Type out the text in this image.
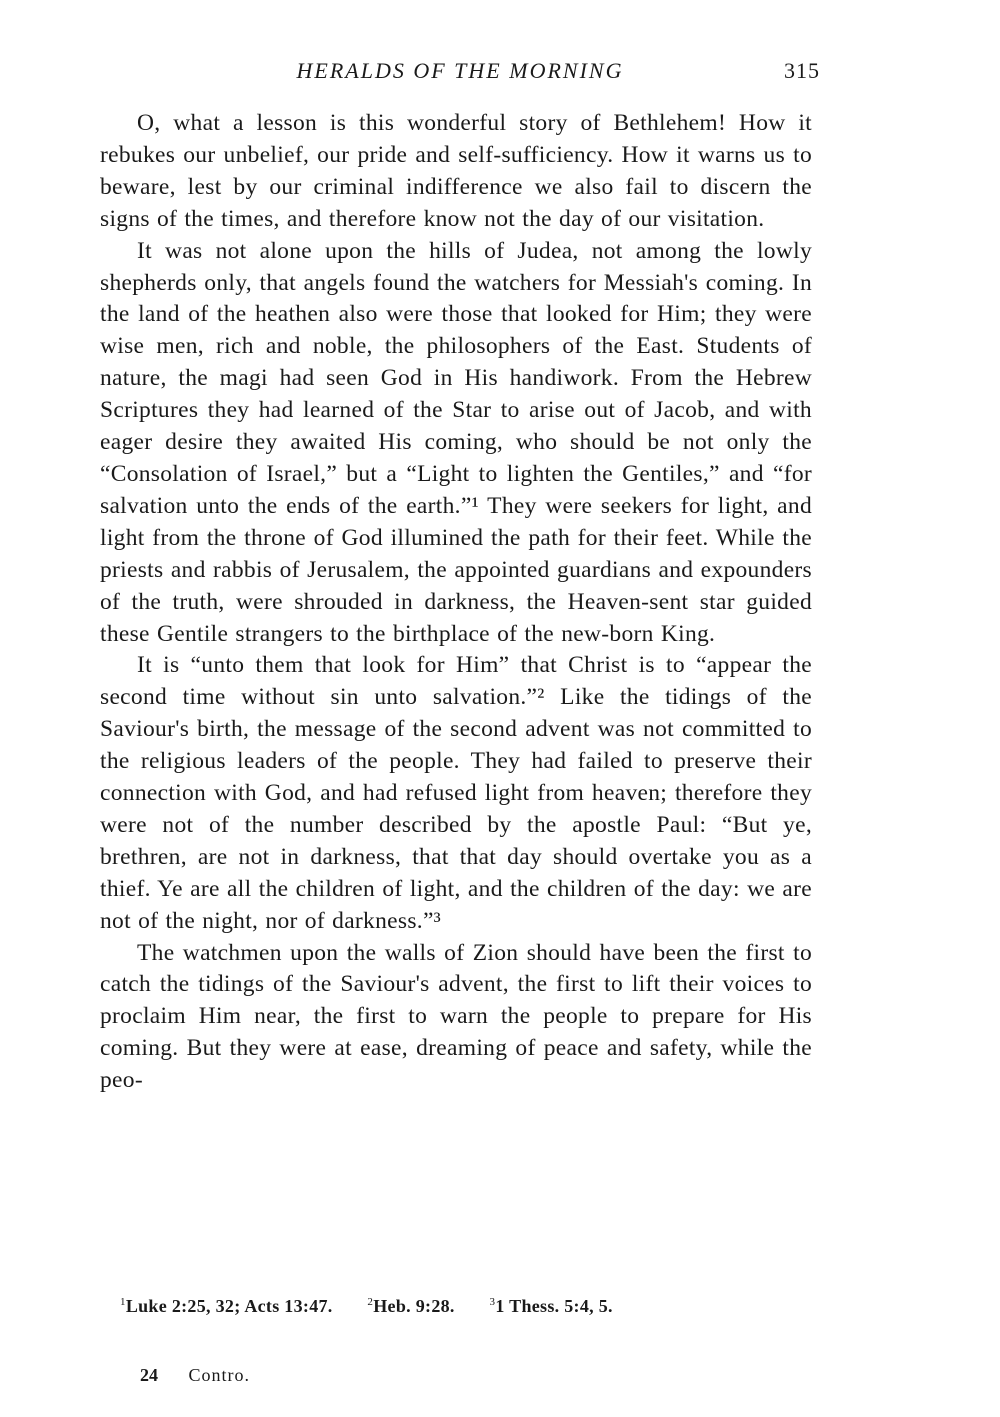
HERALDS OF THE MORNING	315

O, what a lesson is this wonderful story of Bethlehem! How it rebukes our unbelief, our pride and self-sufficiency. How it warns us to beware, lest by our criminal indifference we also fail to discern the signs of the times, and therefore know not the day of our visitation.

It was not alone upon the hills of Judea, not among the lowly shepherds only, that angels found the watchers for Messiah's coming. In the land of the heathen also were those that looked for Him; they were wise men, rich and noble, the philosophers of the East. Students of nature, the magi had seen God in His handiwork. From the Hebrew Scriptures they had learned of the Star to arise out of Jacob, and with eager desire they awaited His coming, who should be not only the “Consolation of Israel,” but a “Light to lighten the Gentiles,” and “for salvation unto the ends of the earth.”¹ They were seekers for light, and light from the throne of God illumined the path for their feet. While the priests and rabbis of Jerusalem, the appointed guardians and expounders of the truth, were shrouded in darkness, the Heaven-sent star guided these Gentile strangers to the birthplace of the new-born King.

It is “unto them that look for Him” that Christ is to “appear the second time without sin unto salvation.”² Like the tidings of the Saviour's birth, the message of the second advent was not committed to the religious leaders of the people. They had failed to preserve their connection with God, and had refused light from heaven; therefore they were not of the number described by the apostle Paul: “But ye, brethren, are not in darkness, that that day should overtake you as a thief. Ye are all the children of light, and the children of the day: we are not of the night, nor of darkness.”³

The watchmen upon the walls of Zion should have been the first to catch the tidings of the Saviour's advent, the first to lift their voices to proclaim Him near, the first to warn the people to prepare for His coming. But they were at ease, dreaming of peace and safety, while the peo-

$^1$Luke 2:25, 32; Acts 13:47.	$^2$Heb. 9:28.	$^3$1 Thess. 5:4, 5.
24 Contro.
